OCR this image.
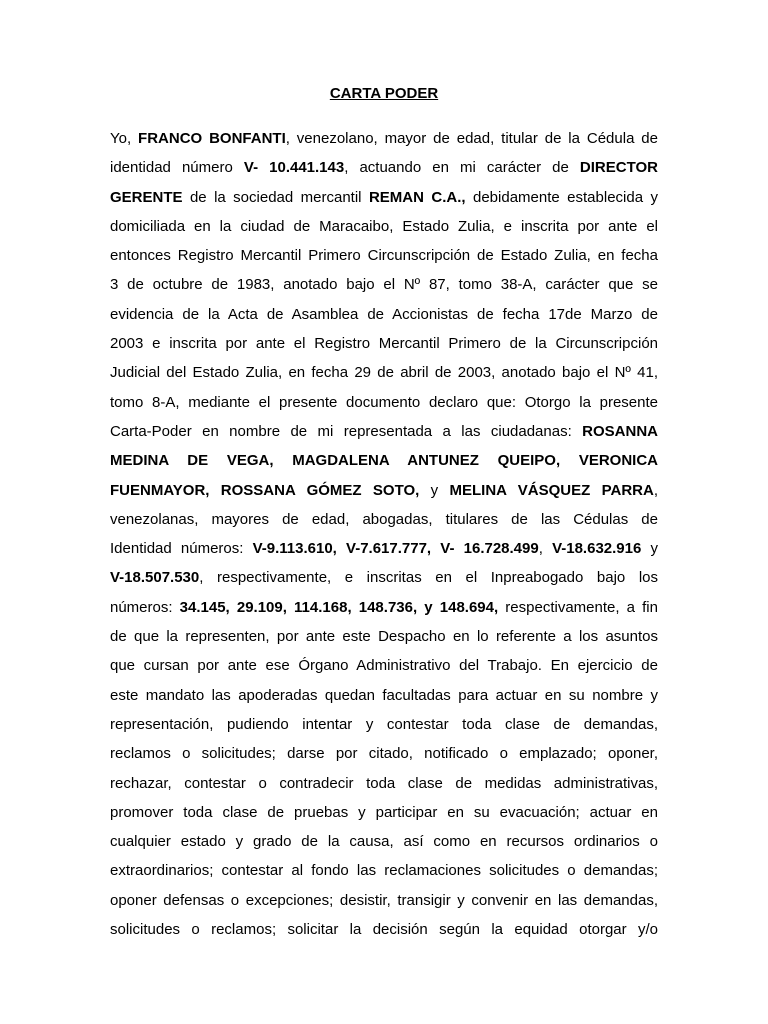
CARTA PODER
Yo, FRANCO BONFANTI, venezolano, mayor de edad, titular de la Cédula de
identidad número V- 10.441.143, actuando en mi carácter de DIRECTOR
GERENTE de la sociedad mercantil REMAN C.A., debidamente establecida y
domiciliada en la ciudad de Maracaibo, Estado Zulia, e inscrita por ante el
entonces Registro Mercantil Primero Circunscripción de Estado Zulia, en fecha
3 de octubre de 1983, anotado bajo el Nº 87, tomo 38-A, carácter que se
evidencia de la Acta de Asamblea de Accionistas de fecha 17de Marzo de
2003 e inscrita por ante el Registro Mercantil Primero de la Circunscripción
Judicial del Estado Zulia, en fecha 29 de abril de 2003, anotado bajo el Nº 41,
tomo 8-A, mediante el presente documento declaro que: Otorgo la presente
Carta-Poder en nombre de mi representada a las ciudadanas: ROSANNA
MEDINA DE VEGA, MAGDALENA ANTUNEZ QUEIPO, VERONICA
FUENMAYOR, ROSSANA GÓMEZ SOTO, y MELINA VÁSQUEZ PARRA,
venezolanas, mayores de edad, abogadas, titulares de las Cédulas de
Identidad números: V-9.113.610, V-7.617.777, V- 16.728.499, V-18.632.916 y
V-18.507.530, respectivamente, e inscritas en el Inpreabogado bajo los
números: 34.145, 29.109, 114.168, 148.736, y 148.694, respectivamente, a fin
de que la representen, por ante este Despacho en lo referente a los asuntos
que cursan por ante ese Órgano Administrativo del Trabajo. En ejercicio de
este mandato las apoderadas quedan facultadas para actuar en su nombre y
representación, pudiendo intentar y contestar toda clase de demandas,
reclamos o solicitudes; darse por citado, notificado o emplazado; oponer,
rechazar, contestar o contradecir toda clase de medidas administrativas,
promover toda clase de pruebas y participar en su evacuación; actuar en
cualquier estado y grado de la causa, así como en recursos ordinarios o
extraordinarios; contestar al fondo las reclamaciones solicitudes o demandas;
oponer defensas o excepciones; desistir, transigir y convenir en las demandas,
solicitudes o reclamos; solicitar la decisión según la equidad otorgar y/o
